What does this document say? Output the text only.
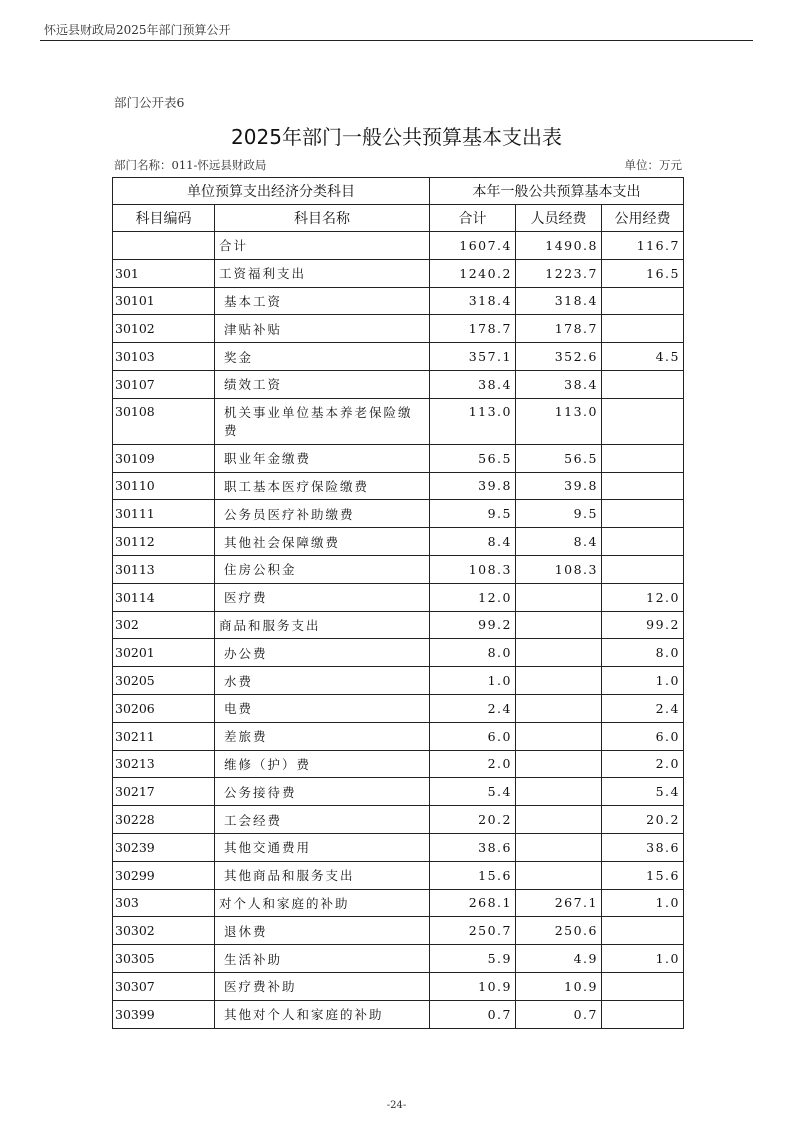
怀远县财政局2025年部门预算公开
部门公开表6
2025年部门一般公共预算基本支出表
部门名称：011-怀远县财政局	单位：万元
单位预算支出经济分类科目		本年一般公共预算基本支出		
科目编码	科目名称	合计	人员经费	公用经费
	合计	1607.4	1490.8	116.7
301	工资福利支出	1240.2	1223.7	16.5
30101	基本工资	318.4	318.4	
30102	津贴补贴	178.7	178.7	
30103	奖金	357.1	352.6	4.5
30107	绩效工资	38.4	38.4	
30108	机关事业单位基本养老保险缴费	113.0	113.0	
30109	职业年金缴费	56.5	56.5	
30110	职工基本医疗保险缴费	39.8	39.8	
30111	公务员医疗补助缴费	9.5	9.5	
30112	其他社会保障缴费	8.4	8.4	
30113	住房公积金	108.3	108.3	
30114	医疗费	12.0		12.0
302	商品和服务支出	99.2		99.2
30201	办公费	8.0		8.0
30205	水费	1.0		1.0
30206	电费	2.4		2.4
30211	差旅费	6.0		6.0
30213	维修（护）费	2.0		2.0
30217	公务接待费	5.4		5.4
30228	工会经费	20.2		20.2
30239	其他交通费用	38.6		38.6
30299	其他商品和服务支出	15.6		15.6
303	对个人和家庭的补助	268.1	267.1	1.0
30302	退休费	250.7	250.6	
30305	生活补助	5.9	4.9	1.0
30307	医疗费补助	10.9	10.9	
30399	其他对个人和家庭的补助	0.7	0.7	
-24-
